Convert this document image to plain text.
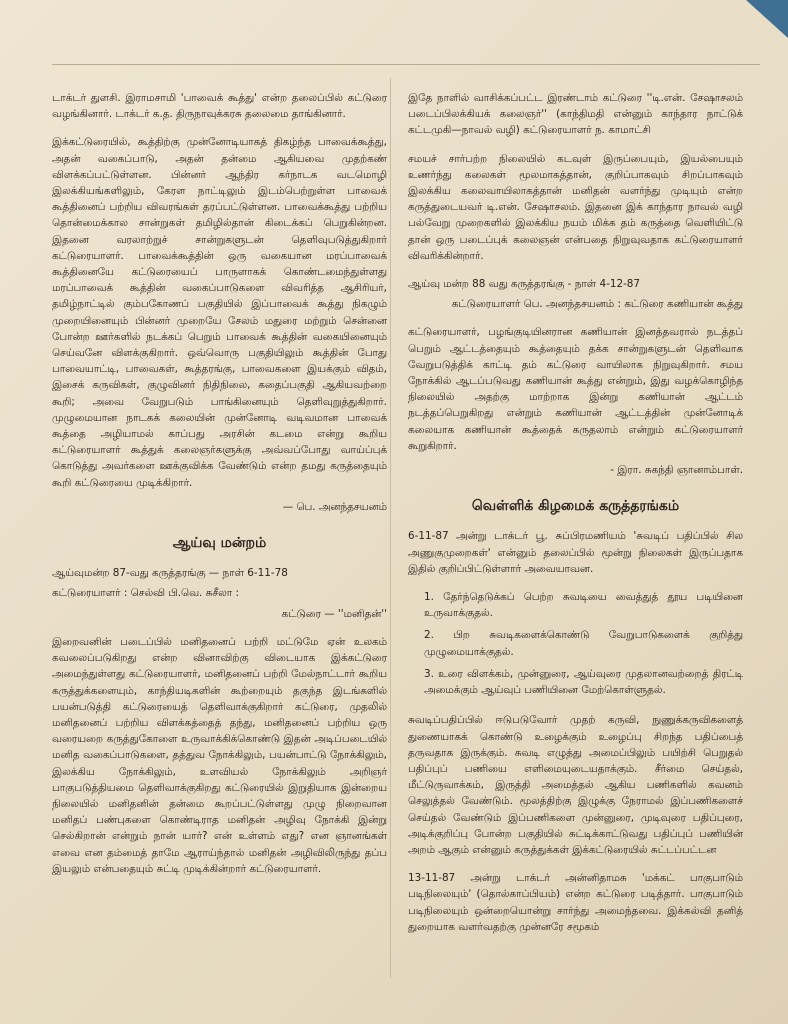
டாக்டர் துளசி. இராமசாமி 'பாவைக் கூத்து' என்ற தலைப்பில் கட்டுரை வழங்கினார். டாக்டர் க.த. திருநாவுக்கரசு தலைமை தாங்கினார்.

இக்கட்டுரையில், கூத்திற்கு முன்னோடியாகத் திகழ்ந்த பாவைக்கூத்து, அதன் வகைப்பாடு, அதன் தன்மை ஆகியவை முதற்கண் விளக்கப்பட்டுள்ளன. பின்னர் ஆந்திர கர்நாடக வடமொழி இலக்கியங்களிலும், கேரள நாட்டிலும் இடம்பெற்றுள்ள பாவைக் கூத்தினைப் பற்றிய விவரங்கள் தரப்பட்டுள்ளன. பாவைக்கூத்து பற்றிய தொன்மைக்கால சான்றுகள் தமிழில்தான் கிடைக்கப் பெறுகின்றன. இதனை வரலாற்றுச் சான்றுகளுடன் தெளிவுபடுத்துகிறார் கட்டுரையாளர். பாவைக்கூத்தின் ஒரு வகையான மரப்பாவைக் கூத்தினையே கட்டுரையைப் பாருளாகக் கொண்டமைந்துள்ளது மரப்பாவைக் கூத்தின் வகைப்பாடுகளை விவரித்த ஆசிரியர், தமிழ்நாட்டில் கும்பகோணப் பகுதியில் இப்பாவைக் கூத்து நிகழும் முறையினையும் பின்னர் முறையே சேலம் மதுரை மற்றும் சென்னை போன்ற ஊர்களில் நடக்கப் பெறும் பாவைக் கூத்தின் வகையினையும் செய்வனே விளக்குகிறார். ஒவ்வொரு பகுதியிலும் கூத்தின் போது பாவையாட்டி, பாவைகள், கூத்தரங்கு, பாவைகளை இயக்கும் விதம், இசைக் கருவிகள், குழுவினர் நிதிநிலை, கதைப்பகுதி ஆகியவற்றை கூறி; அவை வேறுபடும் பாங்கினையும் தெளிவுறுத்துகிறார். முழுமையான நாடகக் கலையின் முன்னோடி வடிவமான பாவைக் கூத்தை அழியாமல் காப்பது அரசின் கடமை என்று கூறிய கட்டுரையாளர் கூத்துக் கலைஞர்களுக்கு அவ்வப்போது வாய்ப்புக் கொடுத்து அவர்களை ஊக்குவிக்க வேண்டும் என்ற தமது கருத்தையும் கூறி கட்டுரையை முடிக்கிறார்.

— பெ. அனந்தசயனம்

ஆய்வு மன்றம்

ஆய்வுமன்ற 87-வது கருத்தரங்கு — நாள் 6-11-78

கட்டுரையாளர் : செல்வி பி.வெ. சுசீலா :

கட்டுரை — ''மனிதன்''

இறைவனின் படைப்பில் மனிதனைப் பற்றி மட்டுமே ஏன் உலகம் கவலைப்படுகிறது என்ற வினாவிற்கு விடையாக இக்கட்டுரை அமைந்துள்ளது கட்டுரையாளர், மனிதனைப் பற்றி மேல்நாட்டார் கூறிய கருத்துக்களையும், காந்தியடிகளின் கூற்றையும் தகுந்த இடங்களில் பயன்படுத்தி கட்டுரையைத் தெளிவாக்குகிறார் கட்டுரை, முதலில் மனிதனைப் பற்றிய விளக்கத்தைத் தந்து, மனிதனைப் பற்றிய ஒரு வரையறை கருத்துகோளை உருவாக்கிக்கொண்டு இதன் அடிப்படையில் மனித வகைப்பாடுகளை, தத்துவ நோக்கிலும், பயன்பாட்டு நோக்கிலும், இலக்கிய நோக்கிலும், உளவியல் நோக்கிலும் அறிஞர் பாகுபடுத்தியமை தெளிவாக்குகிறது கட்டுரையில் இறுதியாக இன்றைய நிலையில் மனிதனின் தன்மை கூறப்பட்டுள்ளது முழு நிறைவான மனிதப் பண்புகளை கொண்டிராத மனிதன் அழிவு நோக்கி இன்று செல்கிறான் என்றும் நான் யார்? என் உள்ளம் எது? என ஞானங்கள் எவை என தம்மைத் தாமே ஆராய்ந்தால் மனிதன் அழிவிலிருந்து தப்ப இயலும் என்பதையும் சுட்டி முடிக்கின்றார் கட்டுரையாளர்.

இதே நாளில் வாசிக்கப்பட்ட இரண்டாம் கட்டுரை ''டி.என். சேஷாசலம் படைப்பிலக்கியக் கலைஞர்'' (காந்திமதி என்னும் காந்தார நாட்டுக் கட்டமுகி—நாவல் வழி) கட்டுரையாளர் ந. காமாட்சி

சமயச் சார்பற்ற நிலையில் கடவுள் இருப்பையும், இயல்பையும் உணர்ந்து கலைகள் மூலமாகத்தான், குறிப்பாகவும் சிறப்பாகவும் இலக்கிய கலைவாயிலாகத்தான் மனிதன் வளர்ந்து முடியும் என்ற கருத்துடையவர் டி.என். சேஷாசலம். இதனை இக் காந்தார நாவல் வழி பல்வேறு முறைகளில் இலக்கிய நயம் மிக்க தம் கருத்தை வெளியிட்டு தான் ஒரு படைப்புக் கலைஞன் என்பதை நிறுவுவதாக கட்டுரையாளர் விவரிக்கின்றார்.

ஆய்வு மன்ற 88 வது கருத்தரங்கு - நாள் 4-12-87

கட்டுரையாளர் பெ. அனந்தசயனம் : கட்டுரை கணியான் கூத்து

கட்டுரையாளர், பழங்குடியினரான கணியான் இனத்தவரால் நடத்தப் பெறும் ஆட்டத்தையும் கூத்தையும் தக்க சான்றுகளுடன் தெளிவாக வேறுபடுத்திக் காட்டி தம் கட்டுரை வாயிலாக நிறுவுகிறார். சமய நோக்கில் ஆடப்படுவது கணியான் கூத்து என்றும், இது வழக்கொழிந்த நிலையில் அதற்கு மாற்றாக இன்று கணியான் ஆட்டம் நடத்தப்பெறுகிறது என்றும் கணியான் ஆட்டத்தின் முன்னோடிக் கலையாக கணியான் கூத்தைக் கருதலாம் என்றும் கட்டுரையாளர் கூறுகிறார்.

- இரா. சுகந்தி ஞானாம்பாள்.

வெள்ளிக் கிழமைக் கருத்தரங்கம்

6-11-87 அன்று டாக்டர் பூ. சுப்பிரமணியம் 'சுவடிப் பதிப்பில் சில அணுகுமுறைகள்' என்னும் தலைப்பில் மூன்று நிலைகள் இருப்பதாக இதில் குறிப்பிட்டுள்ளார் அவையாவன.

1. தேர்ந்தெடுக்கப் பெற்ற சுவடியை வைத்துத் தூய படியினை உருவாக்குதல்.
2. பிற சுவடிகளைக்கொண்டு வேறுபாடுகளைக் குறித்து முழுமையாக்குதல்.
3. உரை விளக்கம், முன்னுரை, ஆய்வுரை முதலானவற்றைத் திரட்டி அமைக்கும் ஆய்வுப் பணியினை மேற்கொள்ளுதல்.

சுவடிப்பதிப்பில் ஈடுபடுவோர் முதற் கருவி, நுணுக்கருவிகளைத் துணையாகக் கொண்டு உழைக்கும் உழைப்பு சிறந்த பதிப்பைத் தருவதாக இருக்கும். சுவடி எழுத்து அமைப்பிலும் பயிற்சி பெறுதல் பதிப்புப் பணியை எளிமையுடையதாக்கும். சீர்மை செய்தல், மீட்டுருவாக்கம், இருத்தி அமைத்தல் ஆகிய பணிகளில் கவனம் செலுத்தல் வேண்டும். மூலத்திற்கு இழுக்கு நேராமல் இப்பணிகளைச் செய்தல் வேண்டும் இப்பணிகளை முன்னுரை, முடிவுரை பதிப்புரை, அடிக்குறிப்பு போன்ற பகுதியில் சுட்டிக்காட்டுவது பதிப்புப் பணியின் அறம் ஆகும் என்னும் கருத்துக்கள் இக்கட்டுரையில் சுட்டப்பட்டன

13-11-87 அன்று டாக்டர் அன்னிதாமசு 'மக்கட் பாகுபாடும் படிநிலையும்' (தொல்காப்பியம்) என்ற கட்டுரை படித்தார். பாகுபாடும் படிநிலையும் ஒன்றையொன்று சார்ந்து அமைந்தவை. இக்கல்வி தனித் துறையாக வளர்வதற்கு முன்னரே சமூகம்
